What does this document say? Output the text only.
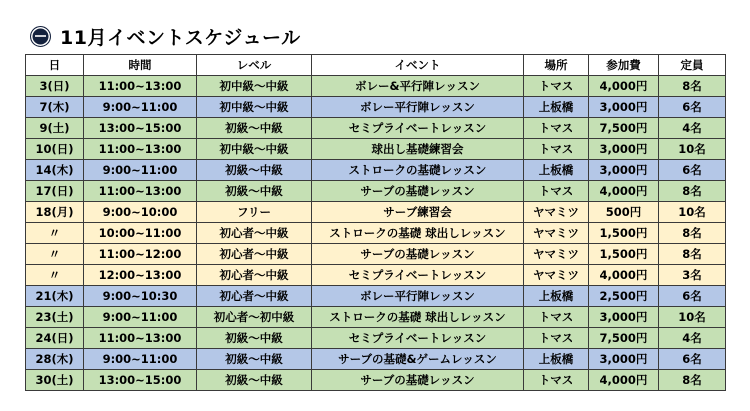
11月イベントスケジュール
日	時間	レベル	イベント	場所	参加費	定員
3(日)	11:00~13:00	初中級～中級	ボレー&平行陣レッスン	トマス	4,000円	8名
7(木)	9:00~11:00	初中級～中級	ボレー平行陣レッスン	上板橋	3,000円	6名
9(土)	13:00~15:00	初級～中級	セミプライベートレッスン	トマス	7,500円	4名
10(日)	11:00~13:00	初中級～中級	球出し基礎練習会	トマス	3,000円	10名
14(木)	9:00~11:00	初級～中級	ストロークの基礎レッスン	上板橋	3,000円	6名
17(日)	11:00~13:00	初級～中級	サーブの基礎レッスン	トマス	4,000円	8名
18(月)	9:00~10:00	フリー	サーブ練習会	ヤマミツ	500円	10名
〃	10:00~11:00	初心者～中級	ストロークの基礎 球出しレッスン	ヤマミツ	1,500円	8名
〃	11:00~12:00	初心者～中級	サーブの基礎レッスン	ヤマミツ	1,500円	8名
〃	12:00~13:00	初心者～中級	セミプライベートレッスン	ヤマミツ	4,000円	3名
21(木)	9:00~10:30	初心者～中級	ボレー平行陣レッスン	上板橋	2,500円	6名
23(土)	9:00~11:00	初心者～初中級	ストロークの基礎 球出しレッスン	トマス	3,000円	10名
24(日)	11:00~13:00	初級～中級	セミプライベートレッスン	トマス	7,500円	4名
28(木)	9:00~11:00	初級～中級	サーブの基礎&ゲームレッスン	上板橋	3,000円	6名
30(土)	13:00~15:00	初級～中級	サーブの基礎レッスン	トマス	4,000円	8名
